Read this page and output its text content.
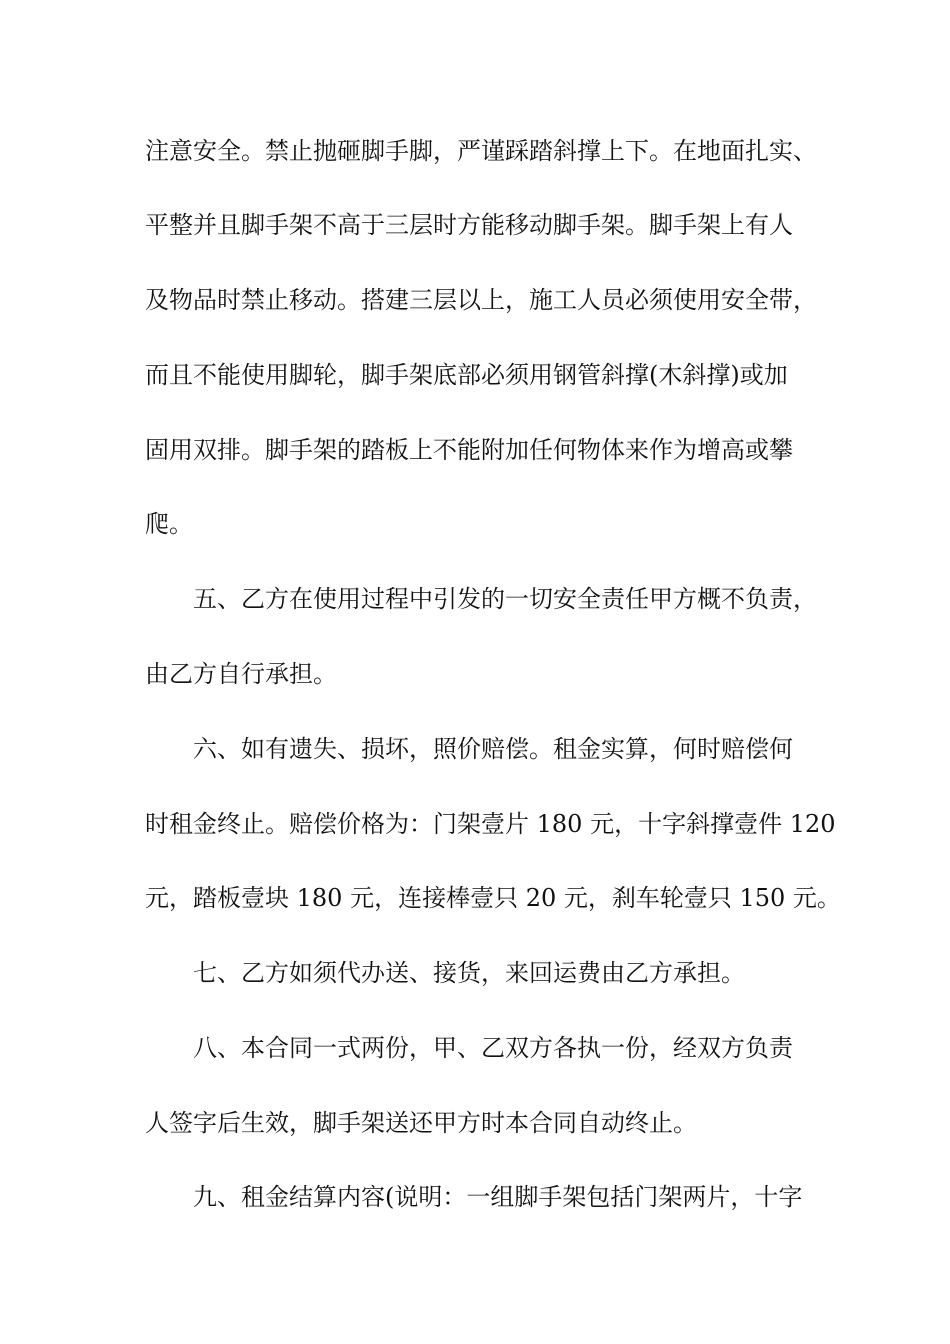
注意安全。禁止抛砸脚手脚，严谨踩踏斜撑上下。在地面扎实、
平整并且脚手架不高于三层时方能移动脚手架。脚手架上有人
及物品时禁止移动。搭建三层以上，施工人员必须使用安全带，
而且不能使用脚轮，脚手架底部必须用钢管斜撑(木斜撑)或加
固用双排。脚手架的踏板上不能附加任何物体来作为增高或攀
爬。
五、乙方在使用过程中引发的一切安全责任甲方概不负责，
由乙方自行承担。
六、如有遗失、损坏，照价赔偿。租金实算，何时赔偿何
时租金终止。赔偿价格为：门架壹片 180 元，十字斜撑壹件 120
元，踏板壹块 180 元，连接棒壹只 20 元，刹车轮壹只 150 元。
七、乙方如须代办送、接货，来回运费由乙方承担。
八、本合同一式两份，甲、乙双方各执一份，经双方负责
人签字后生效，脚手架送还甲方时本合同自动终止。
九、租金结算内容(说明：一组脚手架包括门架两片，十字
